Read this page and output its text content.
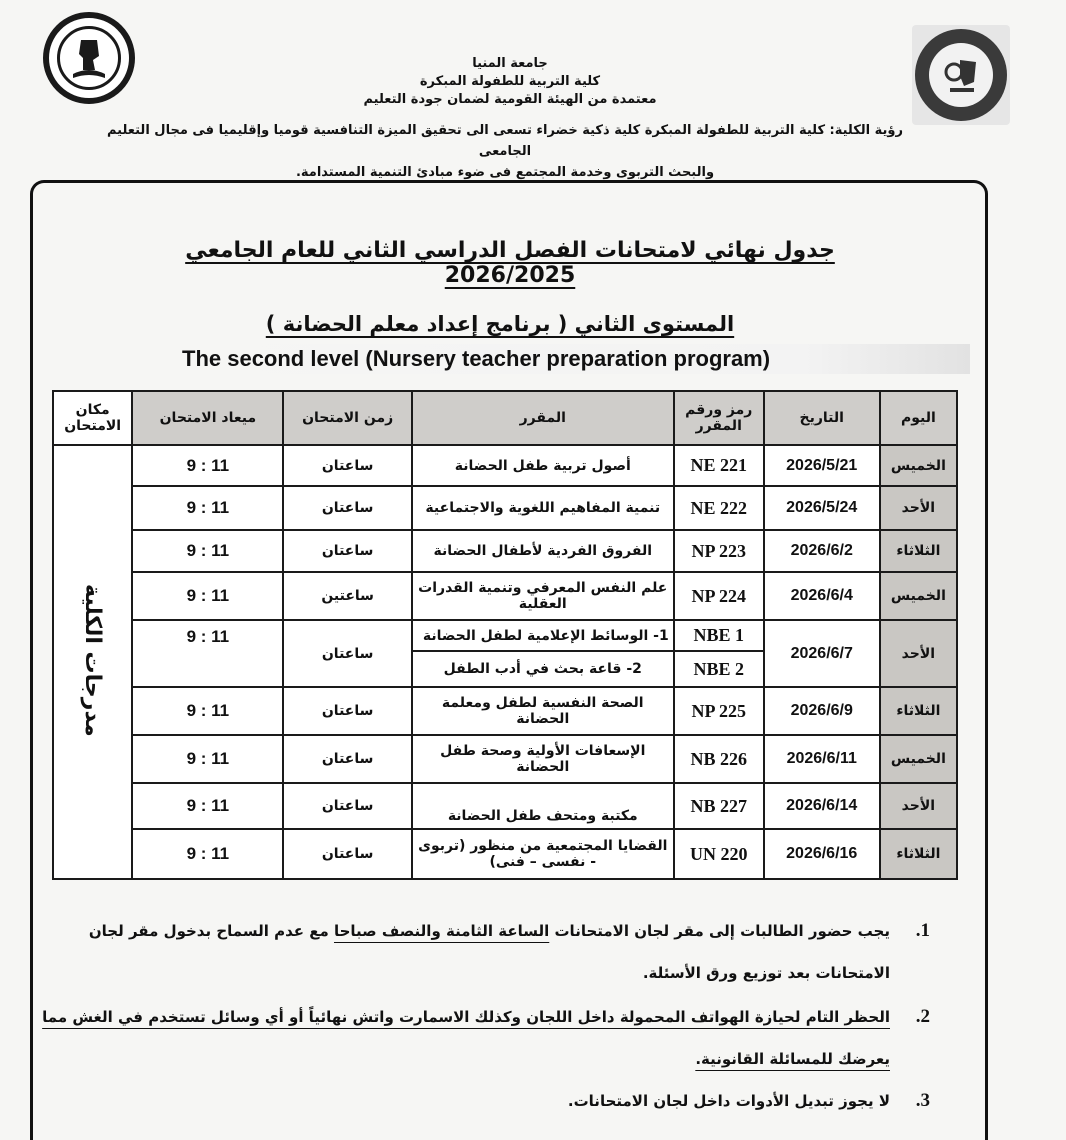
جامعة المنيا
كلية التربية للطفولة المبكرة
معتمدة من الهيئة القومية لضمان جودة التعليم
رؤية الكلية: كلية التربية للطفولة المبكرة كلية ذكية خضراء تسعى الى تحقيق الميزة التنافسية قوميا وإقليميا فى مجال التعليم الجامعى
والبحث التربوى وخدمة المجتمع فى ضوء مبادئ التنمية المستدامة.
جدول نهائي لامتحانات الفصل الدراسي الثاني للعام الجامعي 2026/2025
المستوى الثاني ( برنامج إعداد معلم الحضانة )
The second level (Nursery teacher preparation program)
اليوم	التاريخ	رمز ورقم المقرر	المقرر	زمن الامتحان	ميعاد الامتحان	مكان الامتحان
الخميس	2026/5/21	NE 221	أصول تربية طفل الحضانة	ساعتان	9 : 11	مدرجات الكلية
الأحد	2026/5/24	NE 222	تنمية المفاهيم اللغوية والاجتماعية	ساعتان	9 : 11	
الثلاثاء	2026/6/2	NP 223	الفروق الفردية لأطفال الحضانة	ساعتان	9 : 11	
الخميس	2026/6/4	NP 224	علم النفس المعرفي وتنمية القدرات العقلية	ساعتين	9 : 11	
الأحد	2026/6/7	NBE 1	1- الوسائط الإعلامية لطفل الحضانة	ساعتان	9 : 11	
		NBE 2	2- قاعة بحث في أدب الطفل			
الثلاثاء	2026/6/9	NP 225	الصحة النفسية لطفل ومعلمة الحضانة	ساعتان	9 : 11	
الخميس	2026/6/11	NB 226	الإسعافات الأولية وصحة طفل الحضانة	ساعتان	9 : 11	
الأحد	2026/6/14	NB 227	مكتبة ومتحف طفل الحضانة	ساعتان	9 : 11	
الثلاثاء	2026/6/16	UN 220	القضايا المجتمعية من منظور (تربوى - نفسى – فنى)	ساعتان	9 : 11	
1.
يجب حضور الطالبات إلى مقر لجان الامتحانات الساعة الثامنة والنصف صباحا مع عدم السماح بدخول مقر لجان الامتحانات بعد توزيع ورق الأسئلة.
2.
الحظر التام لحيازة الهواتف المحمولة داخل اللجان وكذلك الاسمارت واتش نهائياً أو أي وسائل تستخدم في الغش مما يعرضك للمسائلة القانونية.
3.
لا يجوز تبديل الأدوات داخل لجان الامتحانات.
